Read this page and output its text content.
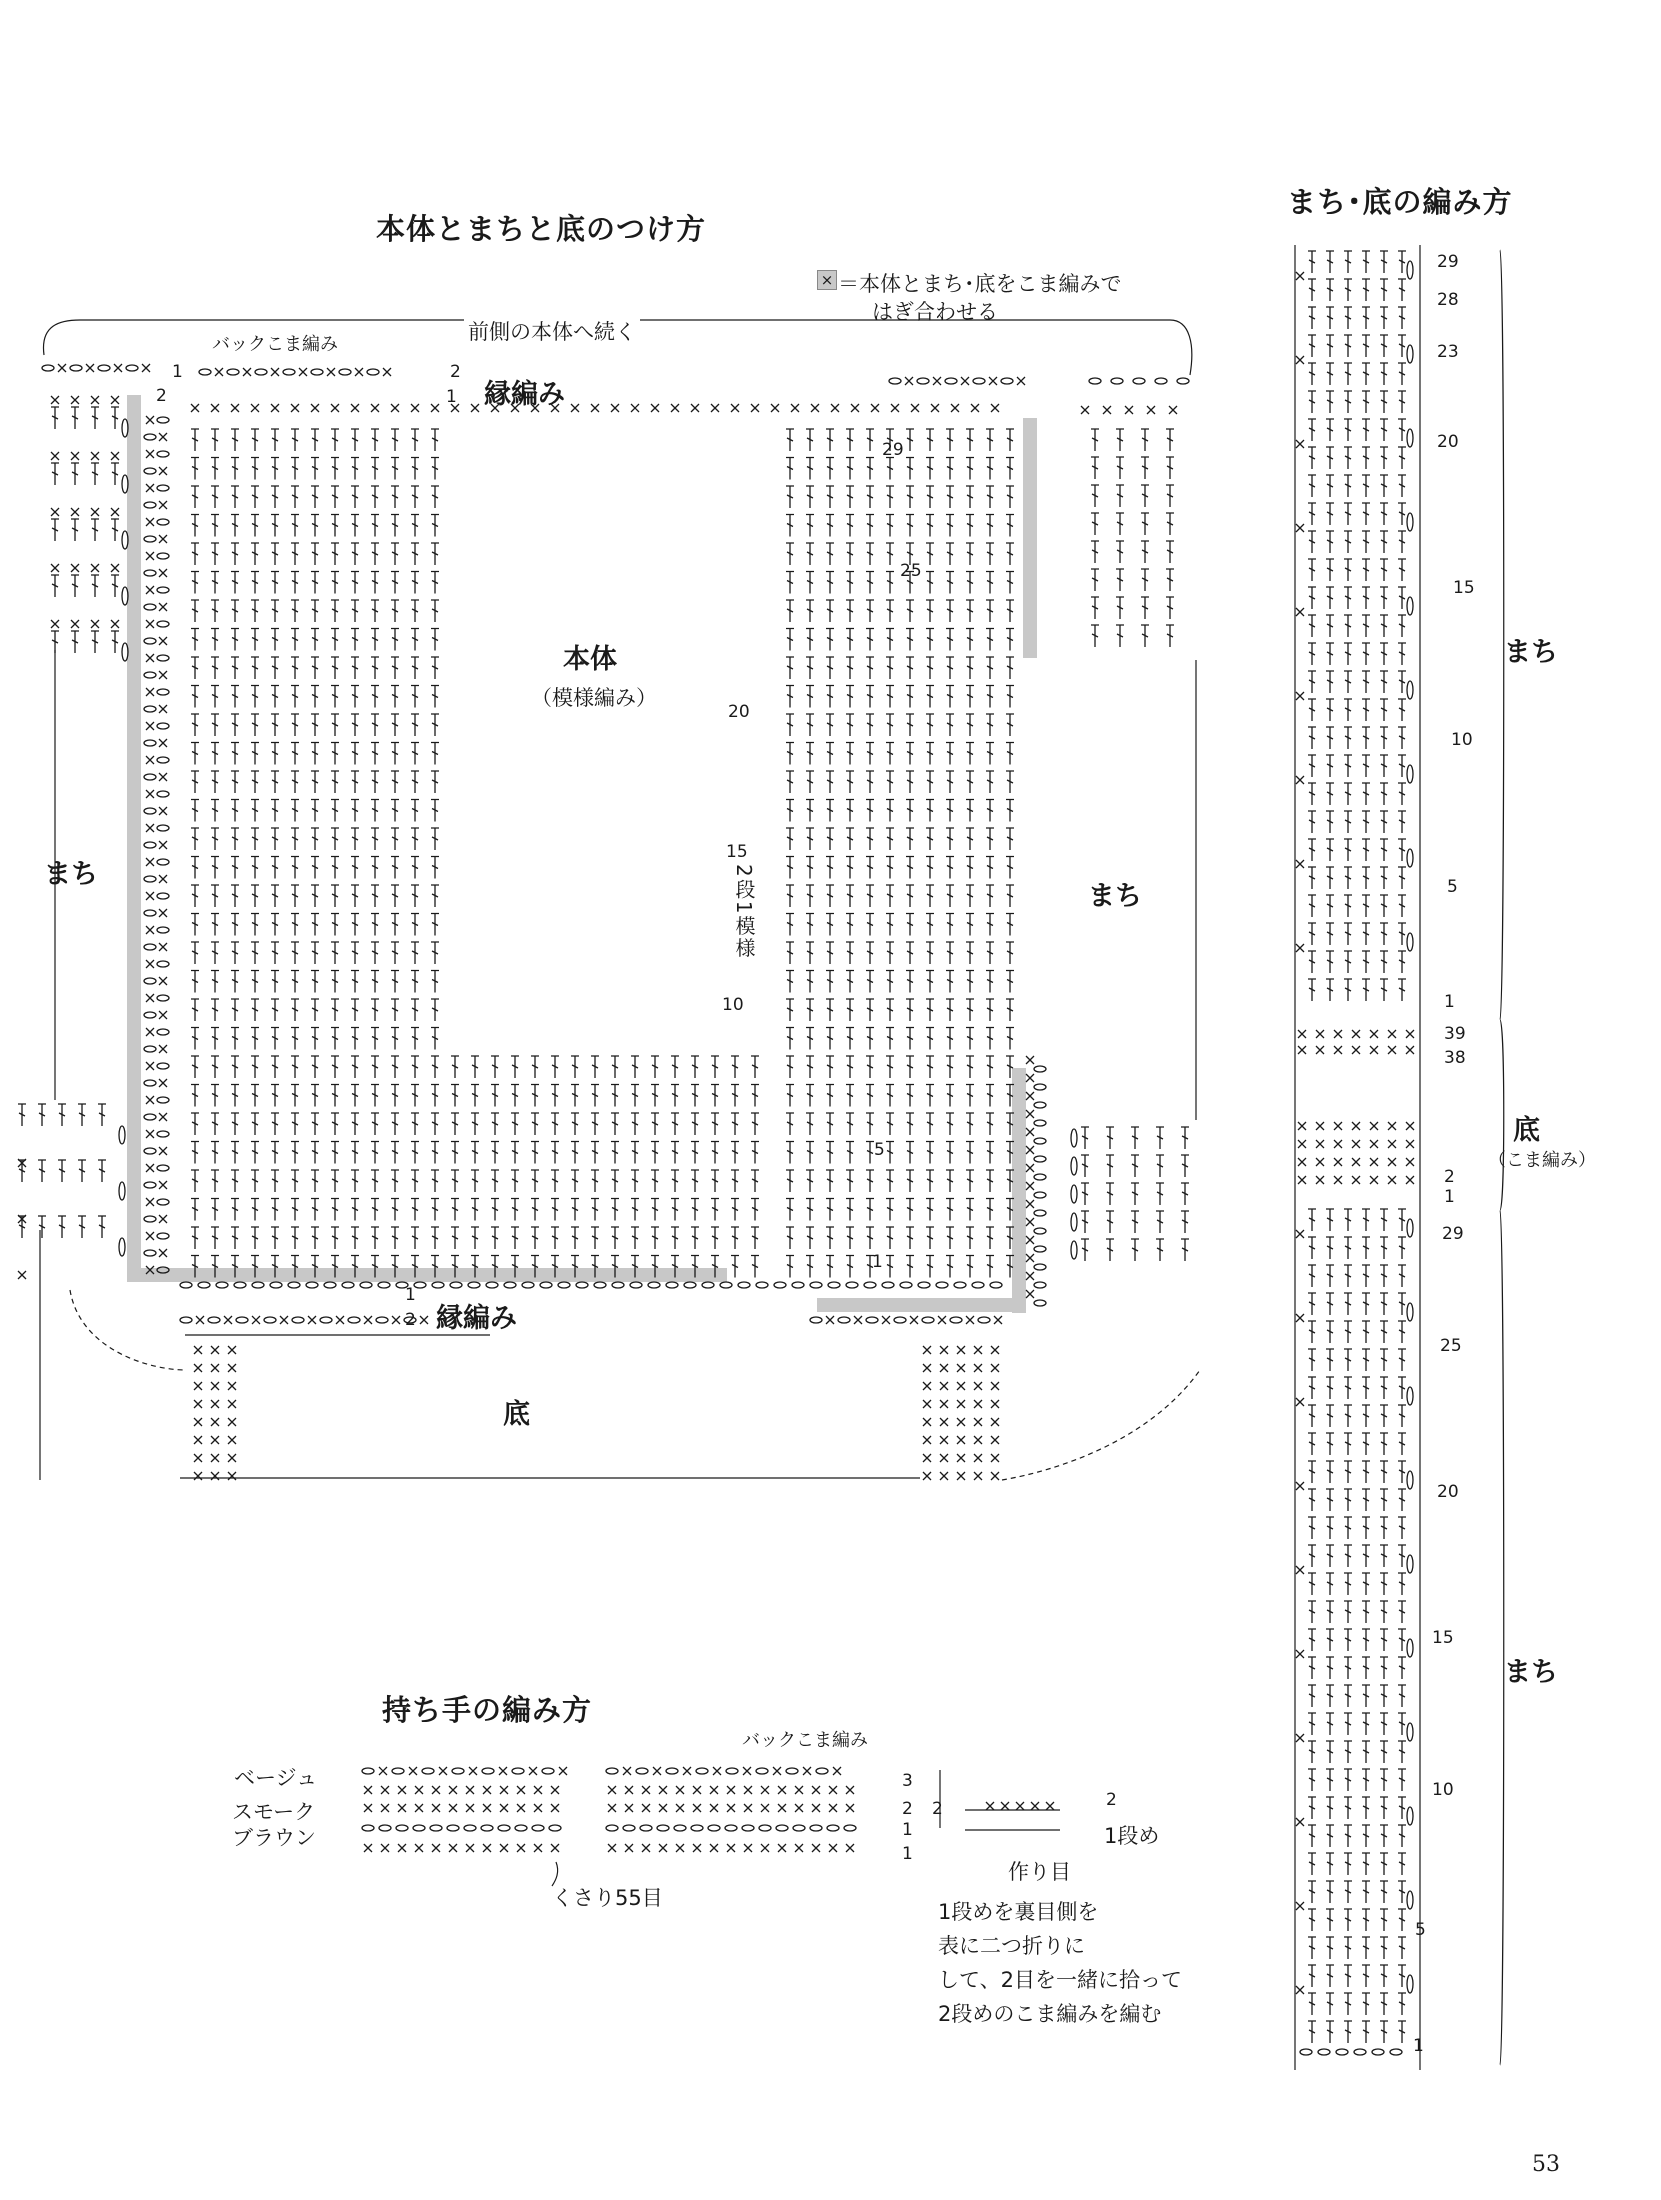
本体とまちと底のつけ方
まち･底の編み方
持ち手の編み方
× ＝本体とまち･底をこま編みで
はぎ合わせる
前側の本体へ続く
バックこま編み
縁編み
縁編み
本体
（模様編み）
まち
まち
底
2段1模様
29
25
20
15
10
5
1
1
2
2
1
1
2
まち
底
（こま編み）
まち
29
28
23
20
15
10
5
1
39
38
2
1
29
25
20
15
10
5
1
ベージュ
スモーク
ブラウン
バックこま編み
3
2
1
1
くさり55目
2	2
1段め
作り目
1段めを裏目側を
表に二つ折りに
して、2目を一緒に拾って
2段めのこま編みを編む
53
